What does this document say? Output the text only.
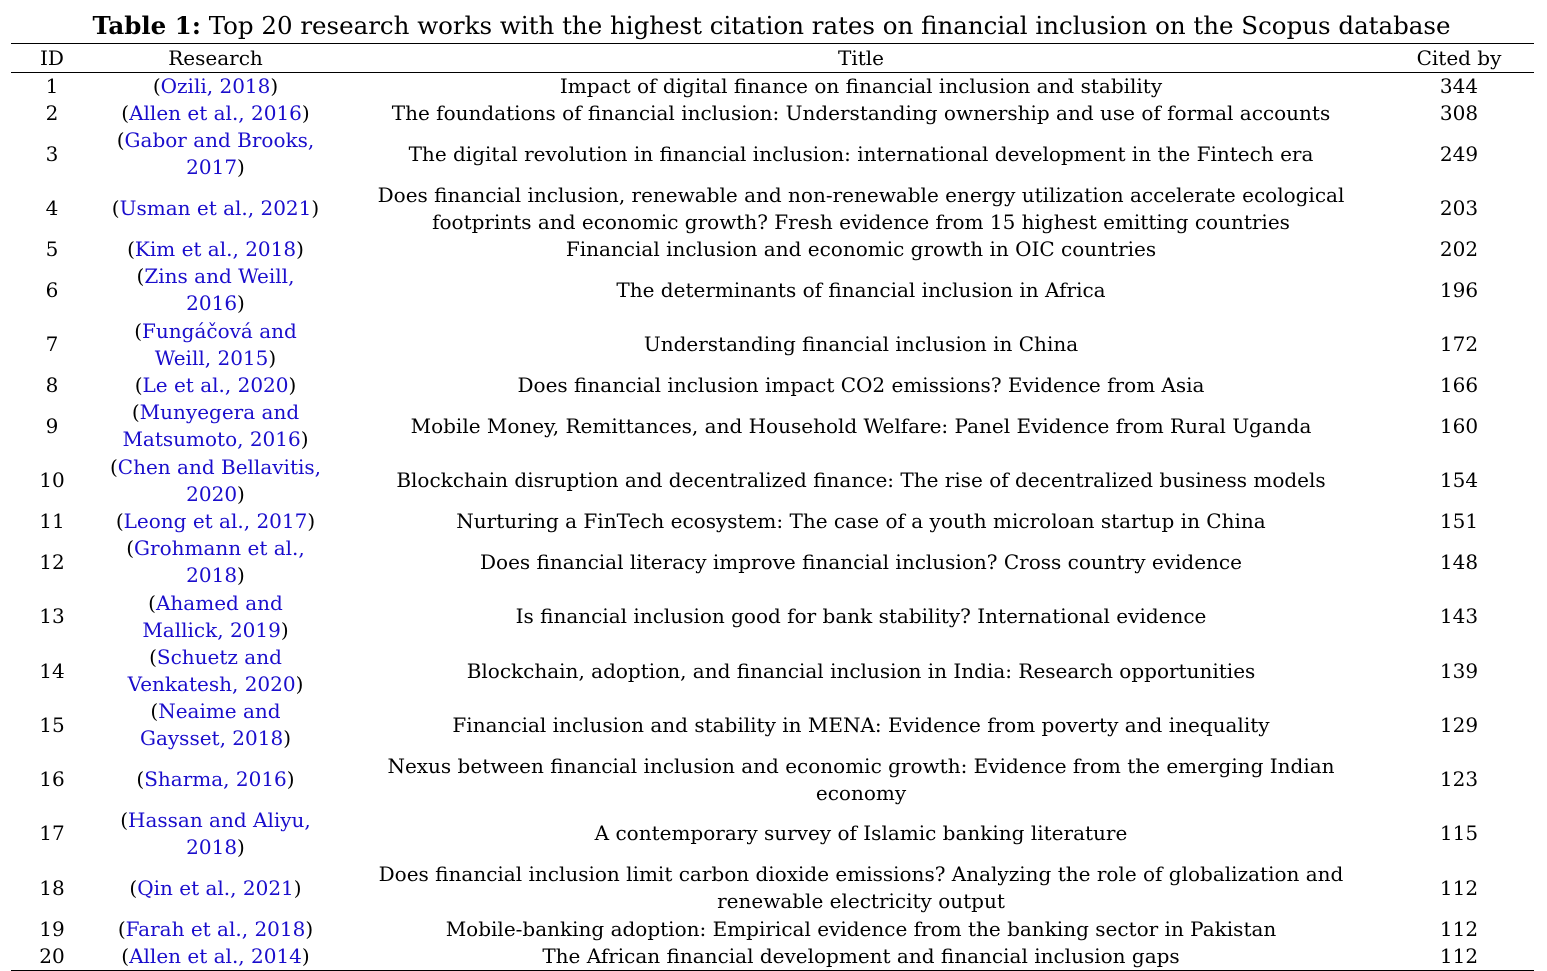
Table 1: Top 20 research works with the highest citation rates on financial inclusion on the Scopus database
ID	Research	Title	Cited by
1	(Ozili, 2018)	Impact of digital finance on financial inclusion and stability	344
2	(Allen et al., 2016)	The foundations of financial inclusion: Understanding ownership and use of formal accounts	308
3	(Gabor and Brooks, 2017)	The digital revolution in financial inclusion: international development in the Fintech era	249
4	(Usman et al., 2021)	Does financial inclusion, renewable and non-renewable energy utilization accelerate ecological footprints and economic growth? Fresh evidence from 15 highest emitting countries	203
5	(Kim et al., 2018)	Financial inclusion and economic growth in OIC countries	202
6	(Zins and Weill, 2016)	The determinants of financial inclusion in Africa	196
7	(Fungáčová and Weill, 2015)	Understanding financial inclusion in China	172
8	(Le et al., 2020)	Does financial inclusion impact CO2 emissions? Evidence from Asia	166
9	(Munyegera and Matsumoto, 2016)	Mobile Money, Remittances, and Household Welfare: Panel Evidence from Rural Uganda	160
10	(Chen and Bellavitis, 2020)	Blockchain disruption and decentralized finance: The rise of decentralized business models	154
11	(Leong et al., 2017)	Nurturing a FinTech ecosystem: The case of a youth microloan startup in China	151
12	(Grohmann et al., 2018)	Does financial literacy improve financial inclusion? Cross country evidence	148
13	(Ahamed and Mallick, 2019)	Is financial inclusion good for bank stability? International evidence	143
14	(Schuetz and Venkatesh, 2020)	Blockchain, adoption, and financial inclusion in India: Research opportunities	139
15	(Neaime and Gaysset, 2018)	Financial inclusion and stability in MENA: Evidence from poverty and inequality	129
16	(Sharma, 2016)	Nexus between financial inclusion and economic growth: Evidence from the emerging Indian economy	123
17	(Hassan and Aliyu, 2018)	A contemporary survey of Islamic banking literature	115
18	(Qin et al., 2021)	Does financial inclusion limit carbon dioxide emissions? Analyzing the role of globalization and renewable electricity output	112
19	(Farah et al., 2018)	Mobile-banking adoption: Empirical evidence from the banking sector in Pakistan	112
20	(Allen et al., 2014)	The African financial development and financial inclusion gaps	112
